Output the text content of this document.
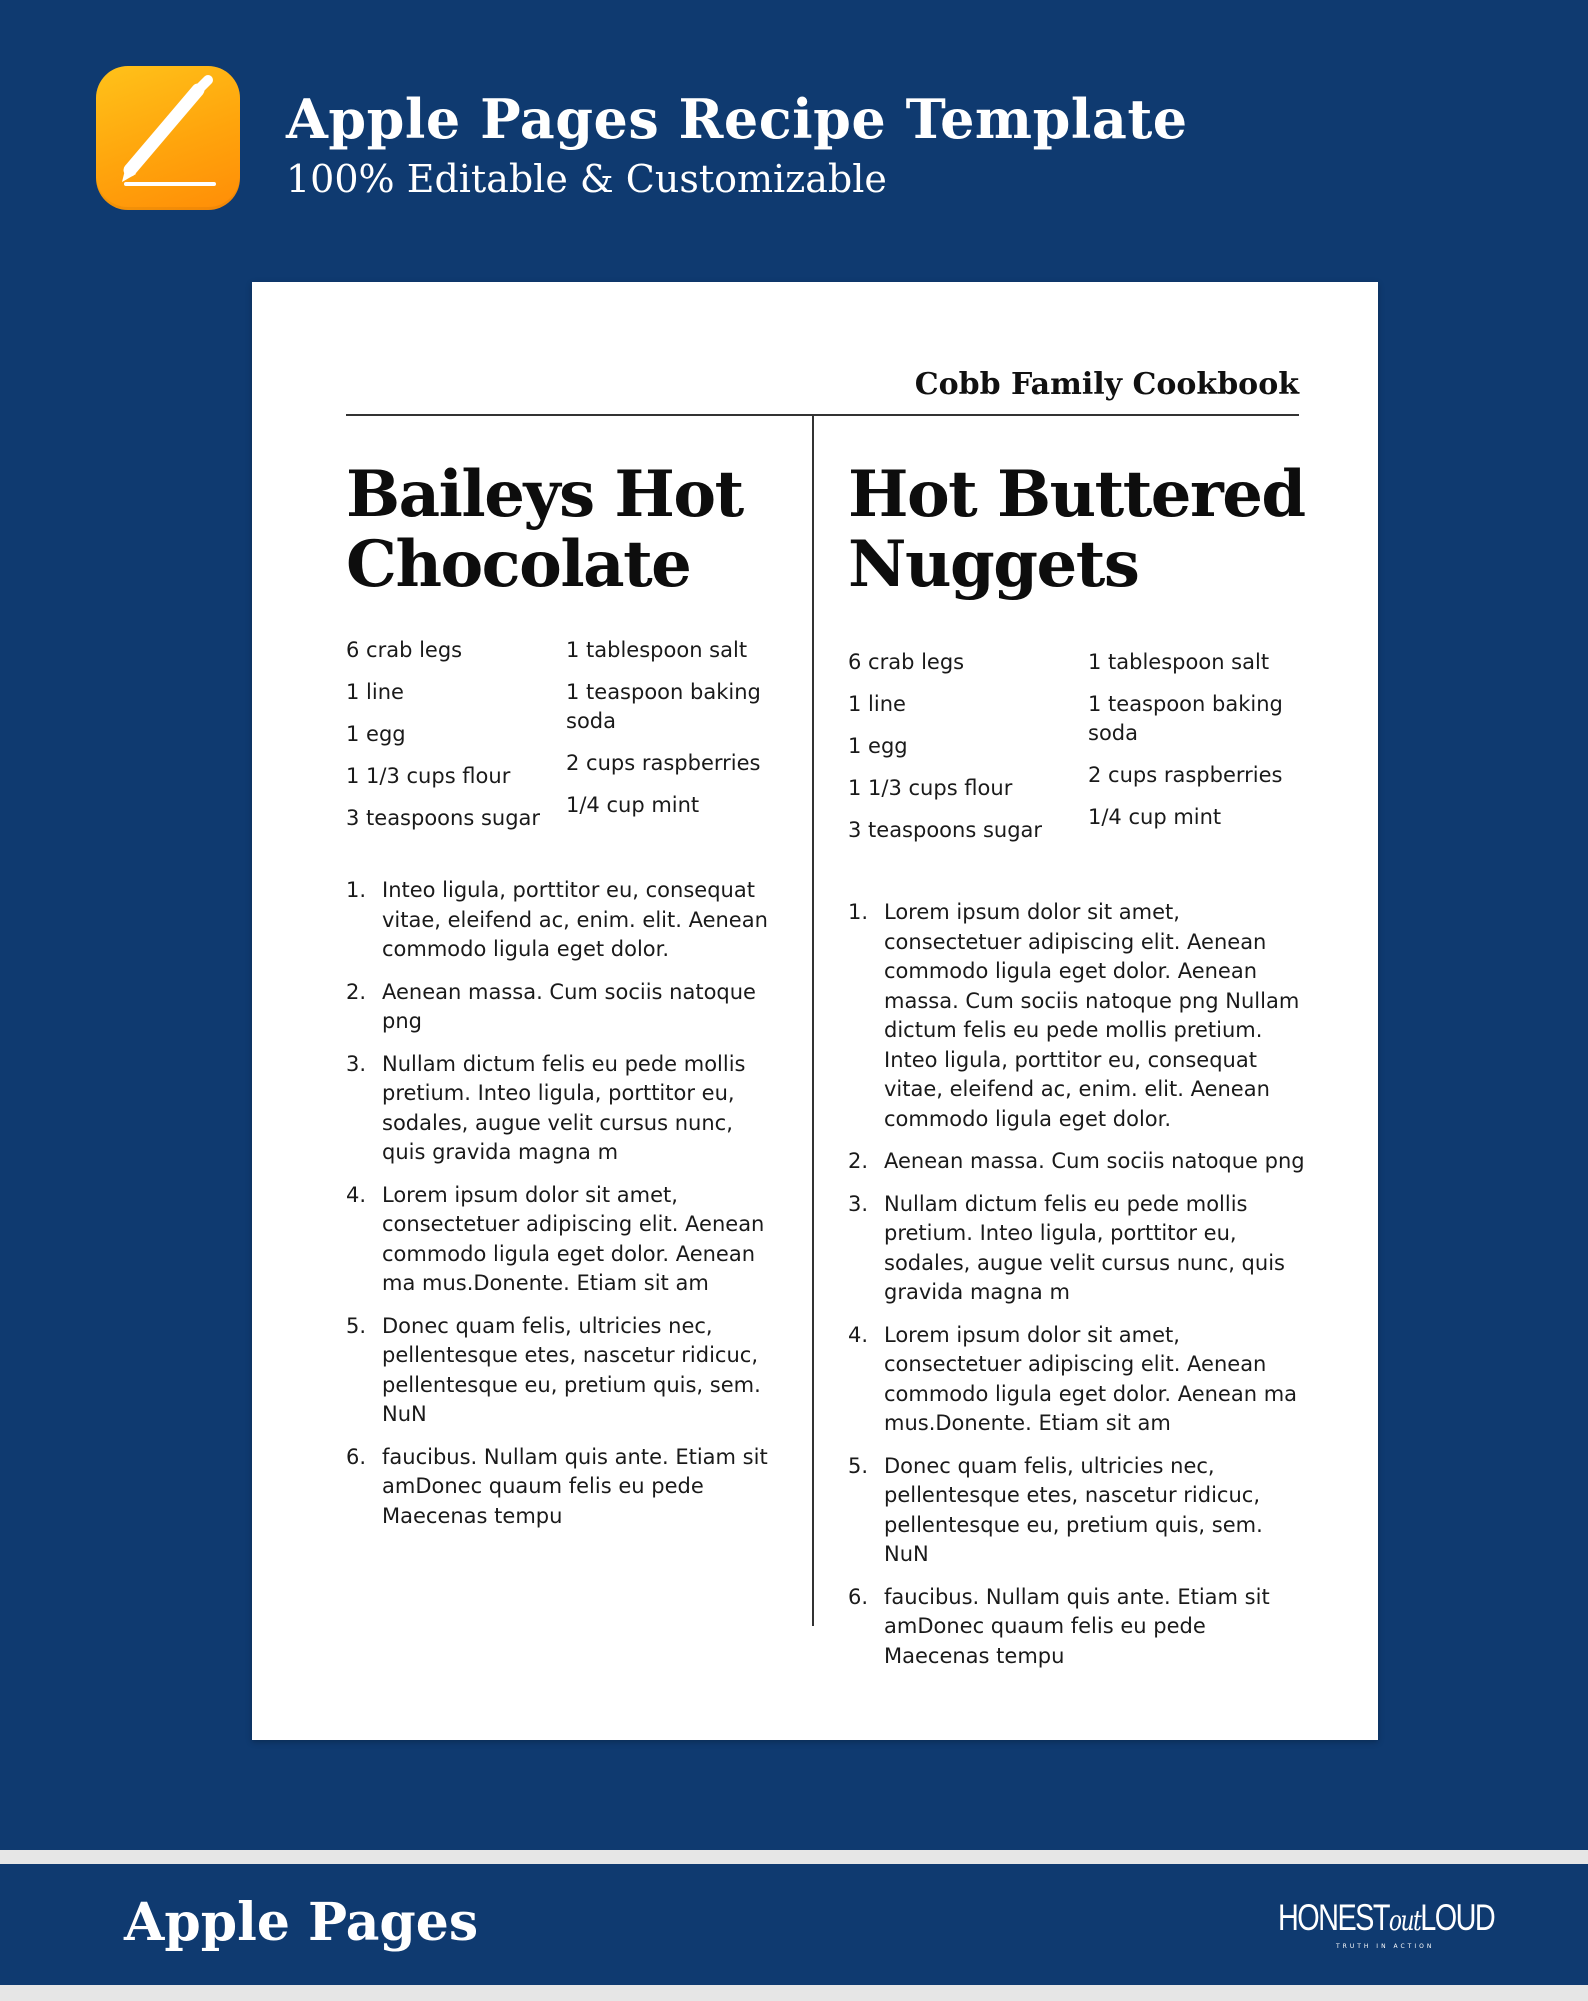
Apple Pages Recipe Template
100% Editable & Customizable
Cobb Family Cookbook
Baileys Hot
Chocolate
6 crab legs
1 line
1 egg
1 1/3 cups flour
3 teaspoons sugar
1 tablespoon salt
1 teaspoon baking soda
2 cups raspberries
1/4 cup mint
1. Inteo ligula, porttitor eu, consequat vitae, eleifend ac, enim. elit. Aenean commodo ligula eget dolor.
2. Aenean massa. Cum sociis natoque png
3. Nullam dictum felis eu pede mollis pretium. Inteo ligula, porttitor eu, sodales, augue velit cursus nunc, quis gravida magna m
4. Lorem ipsum dolor sit amet, consectetuer adipiscing elit. Aenean commodo ligula eget dolor. Aenean ma mus.Donente. Etiam sit am
5. Donec quam felis, ultricies nec, pellentesque etes, nascetur ridicuc, pellentesque eu, pretium quis, sem. NuN
6. faucibus. Nullam quis ante. Etiam sit amDonec quaum felis eu pede Maecenas tempu
Hot Buttered
Nuggets
6 crab legs
1 line
1 egg
1 1/3 cups flour
3 teaspoons sugar
1 tablespoon salt
1 teaspoon baking soda
2 cups raspberries
1/4 cup mint
1. Lorem ipsum dolor sit amet, consectetuer adipiscing elit. Aenean commodo ligula eget dolor. Aenean massa. Cum sociis natoque png Nullam dictum felis eu pede mollis pretium. Inteo ligula, porttitor eu, consequat vitae, eleifend ac, enim. elit. Aenean commodo ligula eget dolor.
2. Aenean massa. Cum sociis natoque png
3. Nullam dictum felis eu pede mollis pretium. Inteo ligula, porttitor eu, sodales, augue velit cursus nunc, quis gravida magna m
4. Lorem ipsum dolor sit amet, consectetuer adipiscing elit. Aenean commodo ligula eget dolor. Aenean ma mus.Donente. Etiam sit am
5. Donec quam felis, ultricies nec, pellentesque etes, nascetur ridicuc, pellentesque eu, pretium quis, sem. NuN
6. faucibus. Nullam quis ante. Etiam sit amDonec quaum felis eu pede Maecenas tempu
Apple Pages	HONESToutLOUD
TRUTH IN ACTION
